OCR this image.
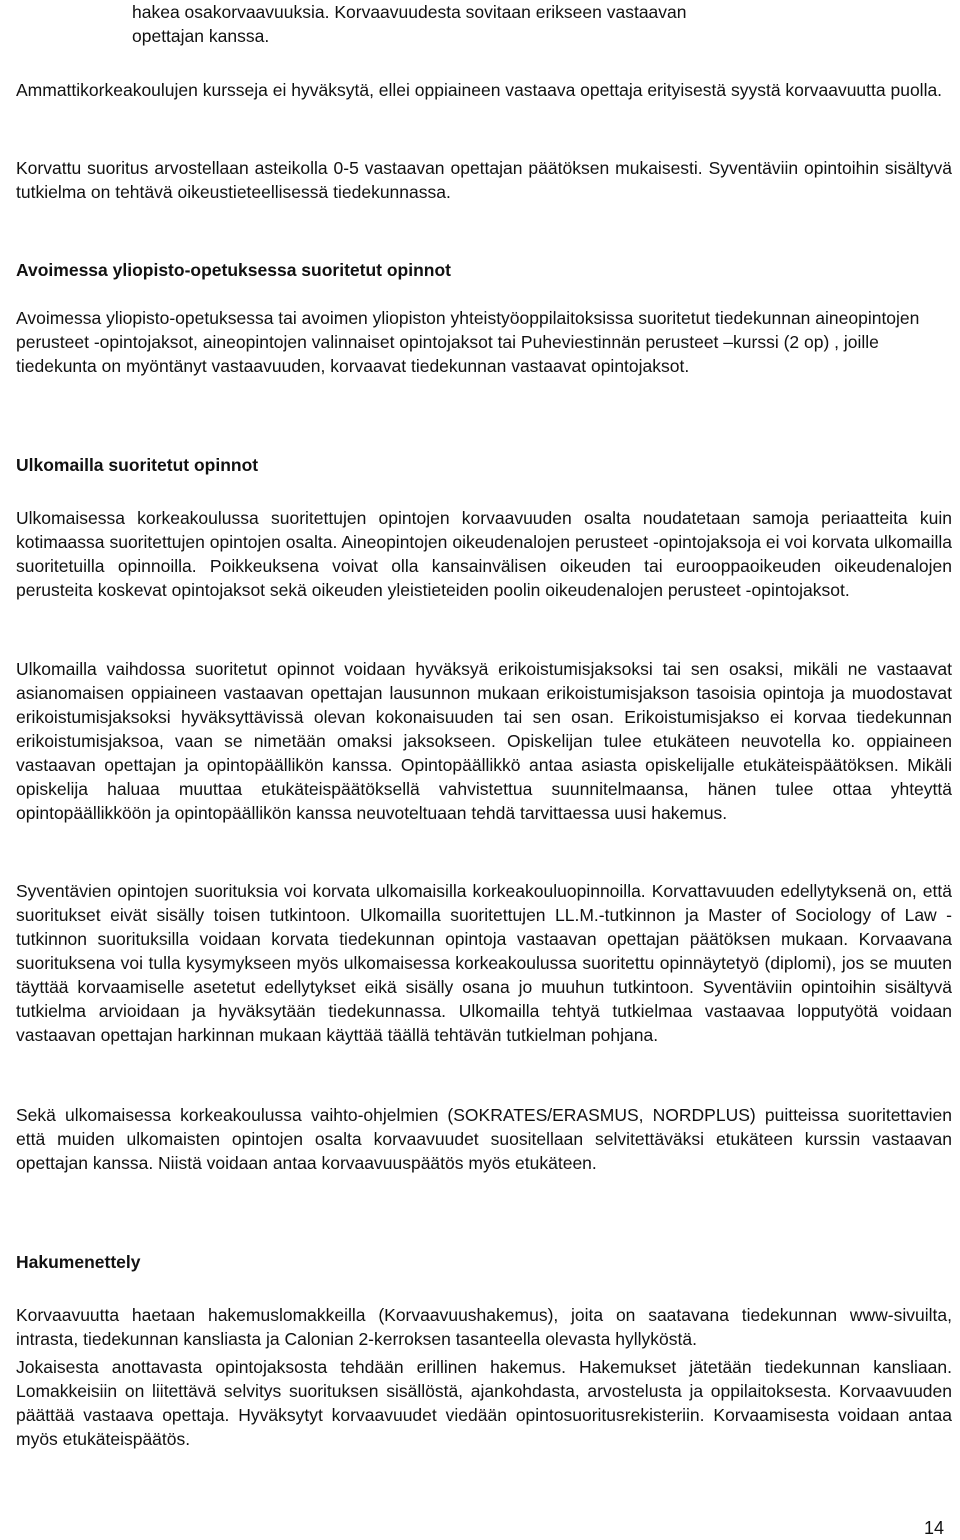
hakea osakorvaavuuksia. Korvaavuudesta sovitaan erikseen vastaavan opettajan kanssa.

Ammattikorkeakoulujen kursseja ei hyväksytä, ellei oppiaineen vastaava opettaja erityisestä syystä korvaavuutta puolla.

Korvattu suoritus arvostellaan asteikolla 0-5 vastaavan opettajan päätöksen mukaisesti. Syventäviin opintoihin sisältyvä tutkielma on tehtävä oikeustieteellisessä tiedekunnassa.

Avoimessa yliopisto-opetuksessa suoritetut opinnot

Avoimessa yliopisto-opetuksessa tai avoimen yliopiston yhteistyöoppilaitoksissa suoritetut tiedekunnan aineopintojen perusteet -opintojaksot, aineopintojen valinnaiset opintojaksot tai Puheviestinnän perusteet –kurssi (2 op) , joille tiedekunta on myöntänyt vastaavuuden, korvaavat tiedekunnan vastaavat opintojaksot.

Ulkomailla suoritetut opinnot

Ulkomaisessa korkeakoulussa suoritettujen opintojen korvaavuuden osalta noudatetaan samoja periaatteita kuin kotimaassa suoritettujen opintojen osalta. Aineopintojen oikeudenalojen perusteet -opintojaksoja ei voi korvata ulkomailla suoritetuilla opinnoilla. Poikkeuksena voivat olla kansainvälisen oikeuden tai eurooppaoikeuden oikeudenalojen perusteita koskevat opintojaksot sekä oikeuden yleistieteiden poolin oikeudenalojen perusteet -opintojaksot.

Ulkomailla vaihdossa suoritetut opinnot voidaan hyväksyä erikoistumisjaksoksi tai sen osaksi, mikäli ne vastaavat asianomaisen oppiaineen vastaavan opettajan lausunnon mukaan erikoistumisjakson tasoisia opintoja ja muodostavat erikoistumisjaksoksi hyväksyttävissä olevan kokonaisuuden tai sen osan. Erikoistumisjakso ei korvaa tiedekunnan erikoistumisjaksoa, vaan se nimetään omaksi jaksokseen. Opiskelijan tulee etukäteen neuvotella ko. oppiaineen vastaavan opettajan ja opintopäällikön kanssa. Opintopäällikkö antaa asiasta opiskelijalle etukäteispäätöksen. Mikäli opiskelija haluaa muuttaa etukäteispäätöksellä vahvistettua suunnitelmaansa, hänen tulee ottaa yhteyttä opintopäällikköön ja opintopäällikön kanssa neuvoteltuaan tehdä tarvittaessa uusi hakemus.

Syventävien opintojen suorituksia voi korvata ulkomaisilla korkeakouluopinnoilla. Korvattavuuden edellytyksenä on, että suoritukset eivät sisälly toisen tutkintoon. Ulkomailla suoritettujen LL.M.-tutkinnon ja Master of Sociology of Law -tutkinnon suorituksilla voidaan korvata tiedekunnan opintoja vastaavan opettajan päätöksen mukaan. Korvaavana suorituksena voi tulla kysymykseen myös ulkomaisessa korkeakoulussa suoritettu opinnäytetyö (diplomi), jos se muuten täyttää korvaamiselle asetetut edellytykset eikä sisälly osana jo muuhun tutkintoon. Syventäviin opintoihin sisältyvä tutkielma arvioidaan ja hyväksytään tiedekunnassa. Ulkomailla tehtyä tutkielmaa vastaavaa lopputyötä voidaan vastaavan opettajan harkinnan mukaan käyttää täällä tehtävän tutkielman pohjana.

Sekä ulkomaisessa korkeakoulussa vaihto-ohjelmien (SOKRATES/ERASMUS, NORDPLUS) puitteissa suoritettavien että muiden ulkomaisten opintojen osalta korvaavuudet suositellaan selvitettäväksi etukäteen kurssin vastaavan opettajan kanssa. Niistä voidaan antaa korvaavuuspäätös myös etukäteen.

Hakumenettely

Korvaavuutta haetaan hakemuslomakkeilla (Korvaavuushakemus), joita on saatavana tiedekunnan www-sivuilta, intrasta, tiedekunnan kansliasta ja Calonian 2-kerroksen tasanteella olevasta hyllyköstä.

Jokaisesta anottavasta opintojaksosta tehdään erillinen hakemus. Hakemukset jätetään tiedekunnan kansliaan. Lomakkeisiin on liitettävä selvitys suorituksen sisällöstä, ajankohdasta, arvostelusta ja oppilaitoksesta. Korvaavuuden päättää vastaava opettaja. Hyväksytyt korvaavuudet viedään opintosuoritusrekisteriin. Korvaamisesta voidaan antaa myös etukäteispäätös.

14
